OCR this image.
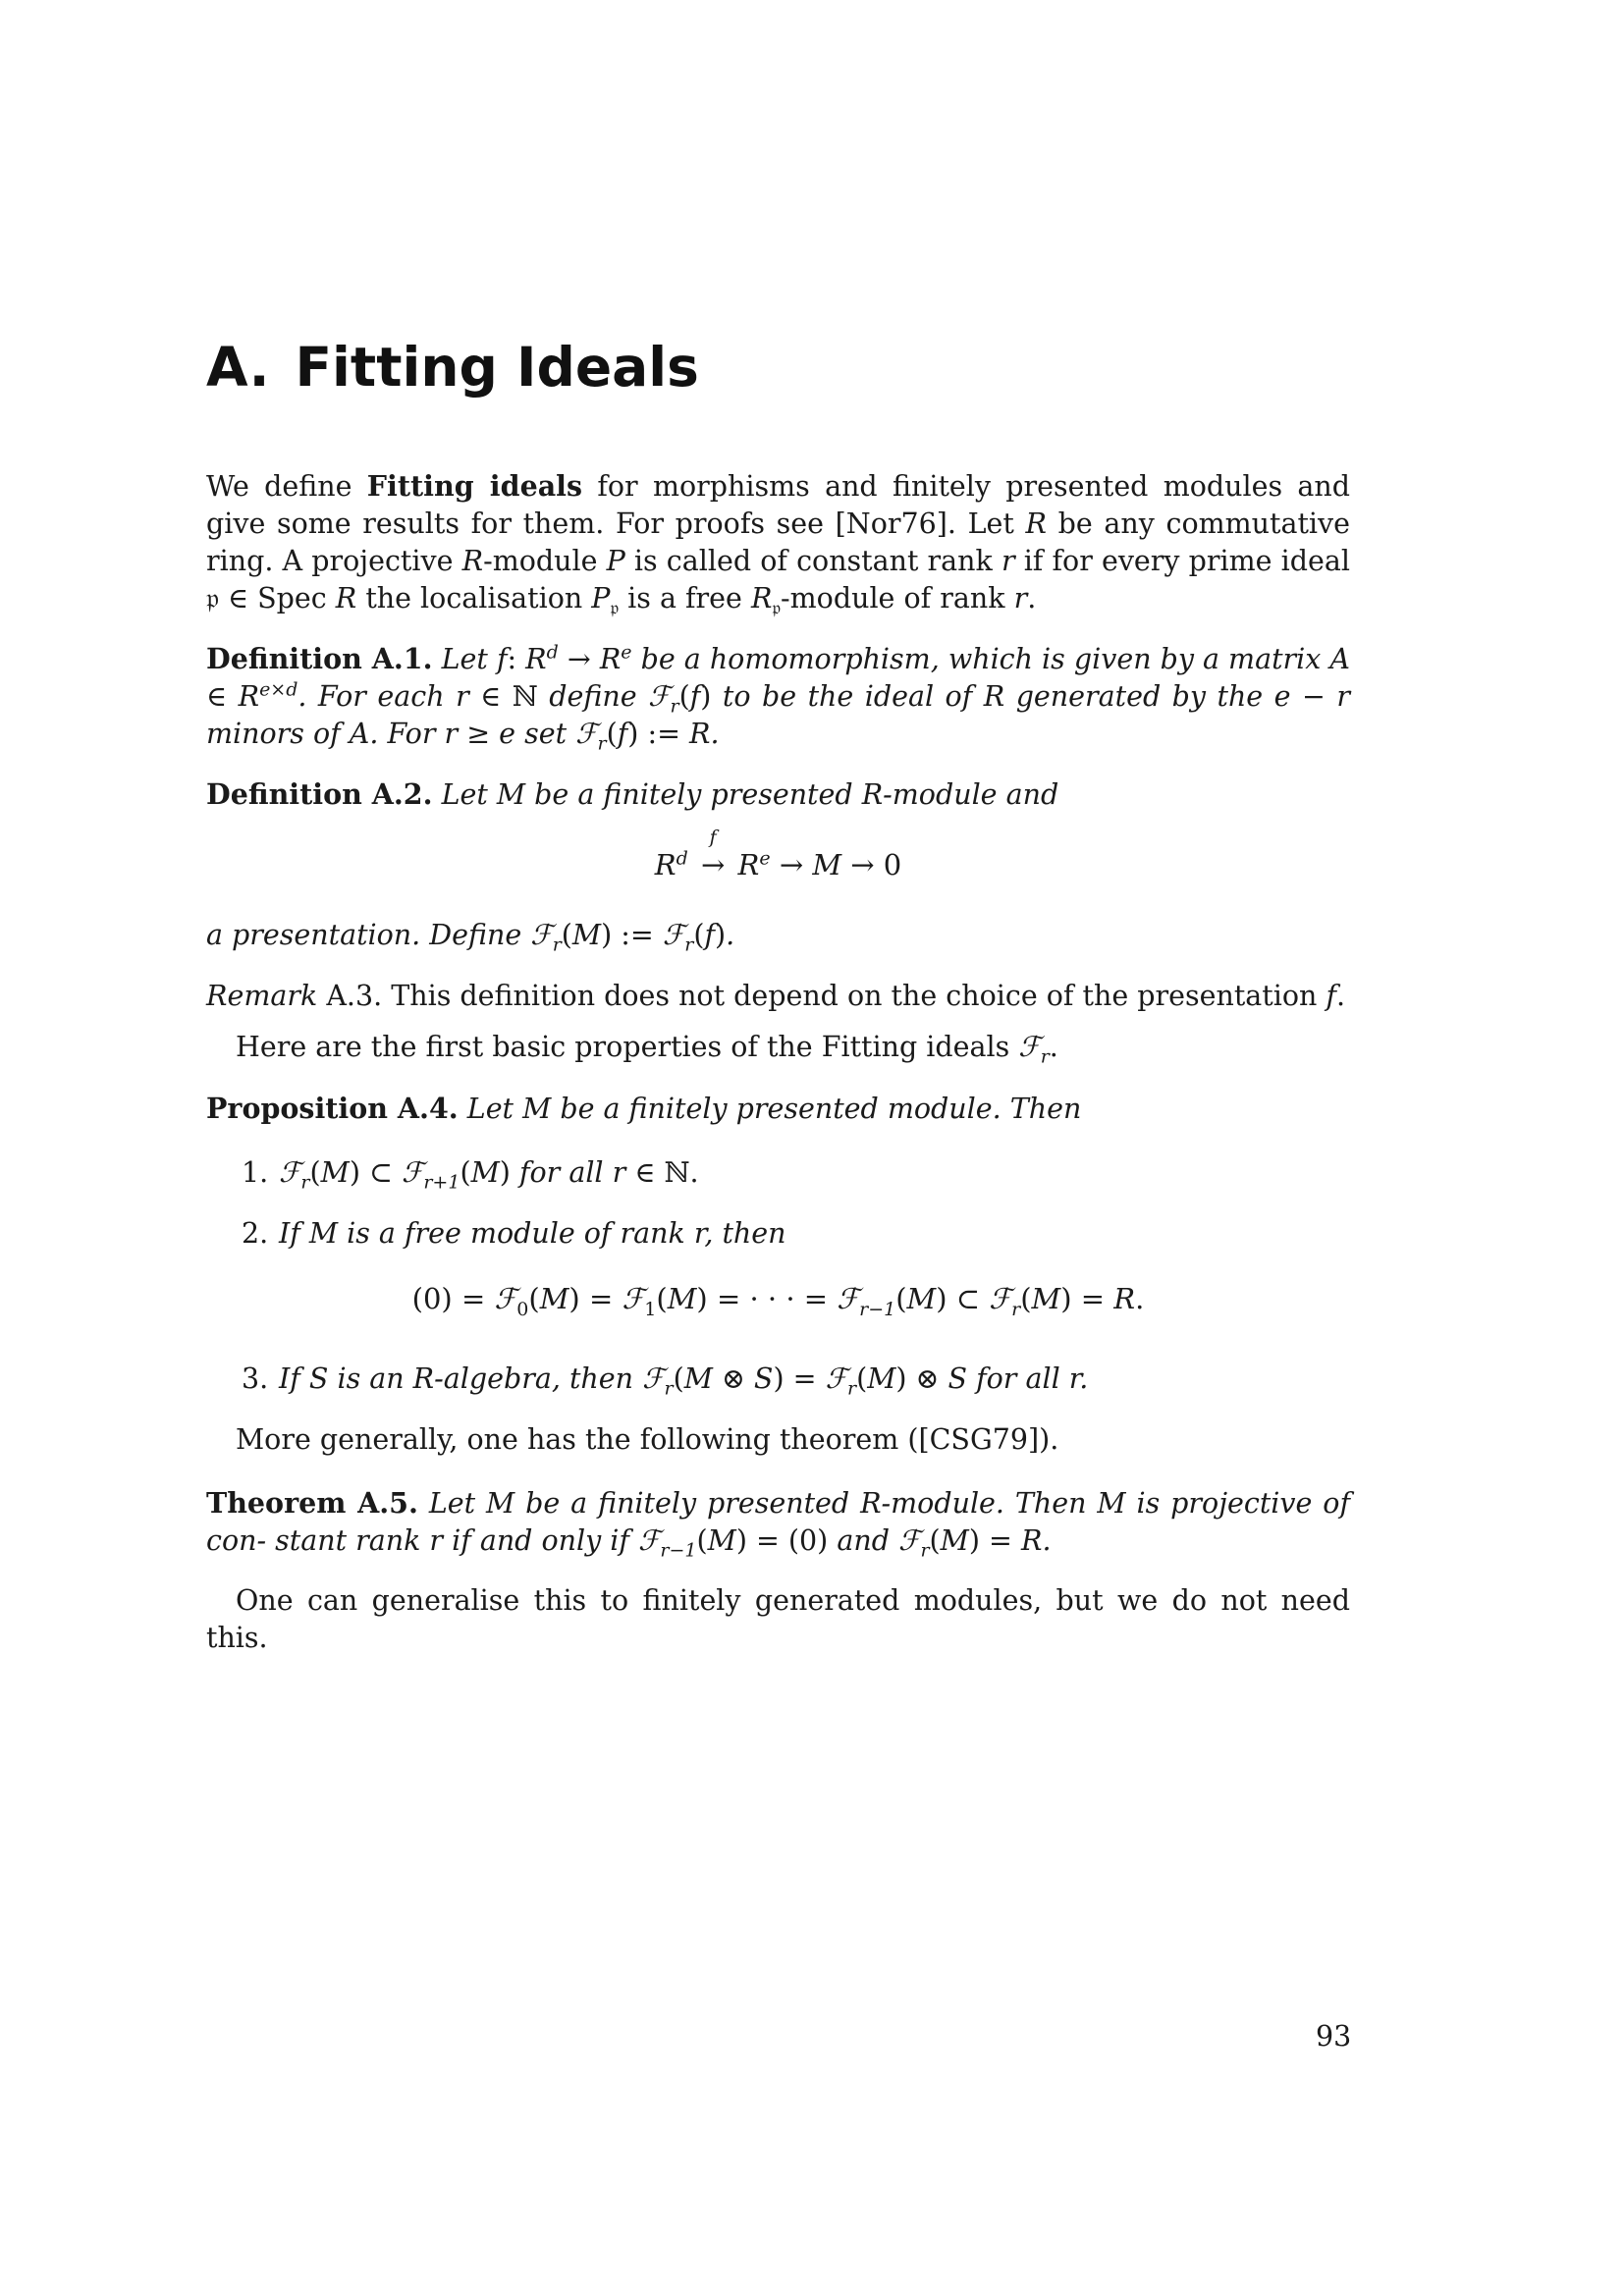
A. Fitting Ideals

We define Fitting ideals for morphisms and finitely presented modules and give some results for them. For proofs see [Nor76]. Let R be any commutative ring. A projective R-module P is called of constant rank r if for every prime ideal 𝔭 ∈ Spec R the localisation $P_𝔭$ is a free $R_𝔭$-module of rank r.

Definition A.1. Let f: $R^d \to R^e$ be a homomorphism, which is given by a matrix A ∈ $R^{e\times d}$. For each r ∈ ℕ define ℱ$_r$(f) to be the ideal of R generated by the e − r minors of A. For r ≥ e set ℱ$_r$(f) := R.

Definition A.2. Let M be a finitely presented R-module and

$R^d$
f
→ $R^e \to M \to 0$

a presentation. Define ℱ$_r$(M) := ℱ$_r$(f).

Remark A.3. This definition does not depend on the choice of the presentation f.

Here are the first basic properties of the Fitting ideals ℱ$_r$.

Proposition A.4. Let M be a finitely presented module. Then

1. ℱ$_r$(M) ⊂ ℱ$_{r+1}$(M) for all r ∈ ℕ.
2. If M is a free module of rank r, then
(0) = ℱ$_0$(M) = ℱ$_1$(M) = · · · = ℱ$_{r-1}$(M) ⊂ ℱ$_r$(M) = R.
3. If S is an R-algebra, then ℱ$_r$(M ⊗ S) = ℱ$_r$(M) ⊗ S for all r.

More generally, one has the following theorem ([CSG79]).

Theorem A.5. Let M be a finitely presented R-module. Then M is projective of con- stant rank r if and only if ℱ$_{r-1}$(M) = (0) and ℱ$_r$(M) = R.

One can generalise this to finitely generated modules, but we do not need this.

93
